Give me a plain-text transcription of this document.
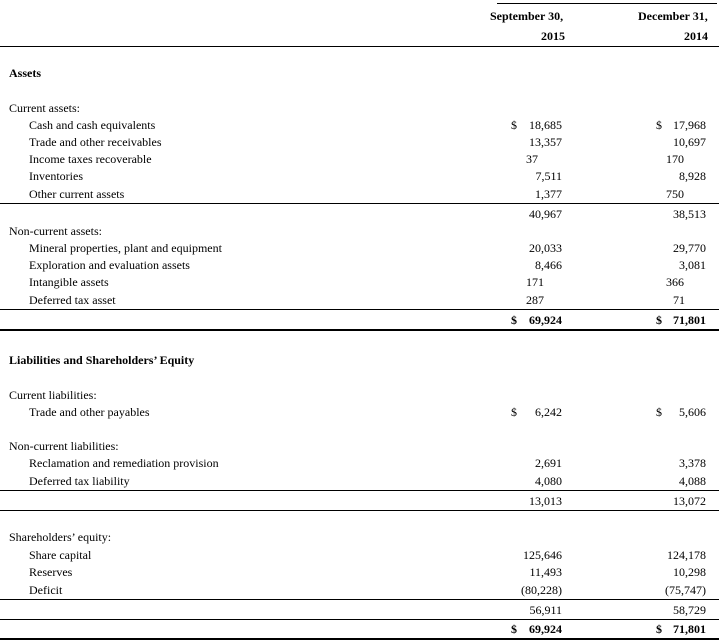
September 30,
2015
December 31,
2014
Assets
Current assets:
Cash and cash equivalents	$ 18,685	$ 17,968
Trade and other receivables	13,357	10,697
Income taxes recoverable	37	170
Inventories	7,511	8,928
Other current assets	1,377	750
40,967	38,513
Non-current assets:
Mineral properties, plant and equipment	20,033	29,770
Exploration and evaluation assets	8,466	3,081
Intangible assets	171	366
Deferred tax asset	287	71
$ 69,924	$ 71,801
Liabilities and Shareholders’ Equity
Current liabilities:
Trade and other payables	$ 6,242	$ 5,606
Non-current liabilities:
Reclamation and remediation provision	2,691	3,378
Deferred tax liability	4,080	4,088
13,013	13,072
Shareholders’ equity:
Share capital	125,646	124,178
Reserves	11,493	10,298
Deficit	(80,228)	(75,747)
56,911	58,729
$ 69,924	$ 71,801
